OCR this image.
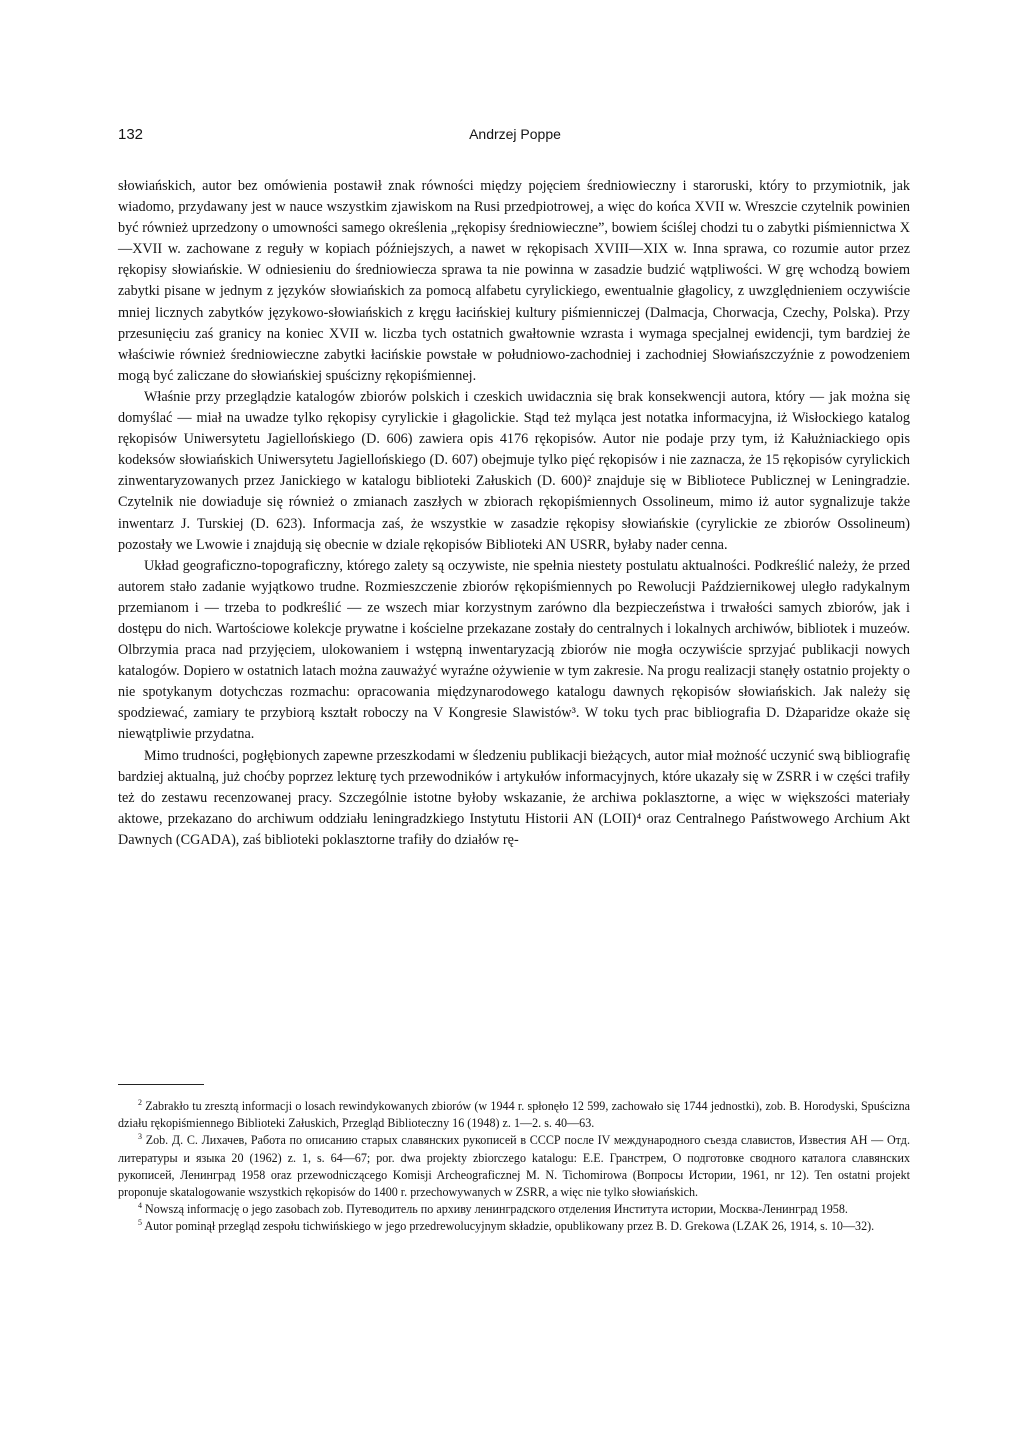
132	Andrzej Poppe

słowiańskich, autor bez omówienia postawił znak równości między pojęciem średniowieczny i staroruski, który to przymiotnik, jak wiadomo, przydawany jest w nauce wszystkim zjawiskom na Rusi przedpiotrowej, a więc do końca XVII w. Wreszcie czytelnik powinien być również uprzedzony o umowności samego określenia „rękopisy średniowieczne”, bowiem ściślej chodzi tu o zabytki piśmiennictwa X—XVII w. zachowane z reguły w kopiach późniejszych, a nawet w rękopisach XVIII—XIX w. Inna sprawa, co rozumie autor przez rękopisy słowiańskie. W odniesieniu do średniowiecza sprawa ta nie powinna w zasadzie budzić wątpliwości. W grę wchodzą bowiem zabytki pisane w jednym z języków słowiańskich za pomocą alfabetu cyrylickiego, ewentualnie głagolicy, z uwzględnieniem oczywiście mniej licznych zabytków językowo-słowiańskich z kręgu łacińskiej kultury piśmienniczej (Dalmacja, Chorwacja, Czechy, Polska). Przy przesunięciu zaś granicy na koniec XVII w. liczba tych ostatnich gwałtownie wzrasta i wymaga specjalnej ewidencji, tym bardziej że właściwie również średniowieczne zabytki łacińskie powstałe w południowo-zachodniej i zachodniej Słowiańszczyźnie z powodzeniem mogą być zaliczane do słowiańskiej spuścizny rękopiśmiennej.

Właśnie przy przeglądzie katalogów zbiorów polskich i czeskich uwidacznia się brak konsekwencji autora, który — jak można się domyślać — miał na uwadze tylko rękopisy cyrylickie i głagolickie. Stąd też myląca jest notatka informacyjna, iż Wisłockiego katalog rękopisów Uniwersytetu Jagiellońskiego (D. 606) zawiera opis 4176 rękopisów. Autor nie podaje przy tym, iż Kałużniackiego opis kodeksów słowiańskich Uniwersytetu Jagiellońskiego (D. 607) obejmuje tylko pięć rękopisów i nie zaznacza, że 15 rękopisów cyrylickich zinwentaryzowanych przez Janickiego w katalogu biblioteki Załuskich (D. 600)² znajduje się w Bibliotece Publicznej w Leningradzie. Czytelnik nie dowiaduje się również o zmianach zaszłych w zbiorach rękopiśmiennych Ossolineum, mimo iż autor sygnalizuje także inwentarz J. Turskiej (D. 623). Informacja zaś, że wszystkie w zasadzie rękopisy słowiańskie (cyrylickie ze zbiorów Ossolineum) pozostały we Lwowie i znajdują się obecnie w dziale rękopisów Biblioteki AN USRR, byłaby nader cenna.

Układ geograficzno-topograficzny, którego zalety są oczywiste, nie spełnia niestety postulatu aktualności. Podkreślić należy, że przed autorem stało zadanie wyjątkowo trudne. Rozmieszczenie zbiorów rękopiśmiennych po Rewolucji Październikowej uległo radykalnym przemianom i — trzeba to podkreślić — ze wszech miar korzystnym zarówno dla bezpieczeństwa i trwałości samych zbiorów, jak i dostępu do nich. Wartościowe kolekcje prywatne i kościelne przekazane zostały do centralnych i lokalnych archiwów, bibliotek i muzeów. Olbrzymia praca nad przyjęciem, ulokowaniem i wstępną inwentaryzacją zbiorów nie mogła oczywiście sprzyjać publikacji nowych katalogów. Dopiero w ostatnich latach można zauważyć wyraźne ożywienie w tym zakresie. Na progu realizacji stanęły ostatnio projekty o nie spotykanym dotychczas rozmachu: opracowania międzynarodowego katalogu dawnych rękopisów słowiańskich. Jak należy się spodziewać, zamiary te przybiorą kształt roboczy na V Kongresie Slawistów³. W toku tych prac bibliografia D. Dżaparidze okaże się niewątpliwie przydatna.

Mimo trudności, pogłębionych zapewne przeszkodami w śledzeniu publikacji bieżących, autor miał możność uczynić swą bibliografię bardziej aktualną, już choćby poprzez lekturę tych przewodników i artykułów informacyjnych, które ukazały się w ZSRR i w części trafiły też do zestawu recenzowanej pracy. Szczególnie istotne byłoby wskazanie, że archiwa poklasztorne, a więc w większości materiały aktowe, przekazano do archiwum oddziału leningradzkiego Instytutu Historii AN (LOII)⁴ oraz Centralnego Państwowego Archium Akt Dawnych (CGADA), zaś biblioteki poklasztorne trafiły do działów rę-

$^2$ Zabrakło tu zresztą informacji o losach rewindykowanych zbiorów (w 1944 r. spłonęło 12 599, zachowało się 1744 jednostki), zob. B. Horodyski, Spuścizna działu rękopiśmiennego Biblioteki Załuskich, Przegląd Biblioteczny 16 (1948) z. 1—2. s. 40—63.

$^3$ Zob. Д. С. Лихачев, Работа по описанию старых славянских рукописей в СССР после IV международного съезда славистов, Известия АН — Отд. литературы и языка 20 (1962) z. 1, s. 64—67; por. dwa projekty zbiorczego katalogu: E.E. Гранстрем, О подготовке сводного каталога славянских рукописей, Ленинград 1958 oraz przewodniczącego Komisji Archeograficznej M. N. Tichomirowa (Вопросы Истории, 1961, nr 12). Ten ostatni projekt proponuje skatalogowanie wszystkich rękopisów do 1400 r. przechowywanych w ZSRR, a więc nie tylko słowiańskich.

$^4$ Nowszą informację o jego zasobach zob. Путеводитель по архиву ленинградского отделения Института истории, Москва-Ленинград 1958.

$^5$ Autor pominął przegląd zespołu tichwińskiego w jego przedrewolucyjnym składzie, opublikowany przez B. D. Grekowa (LZAK 26, 1914, s. 10—32).
